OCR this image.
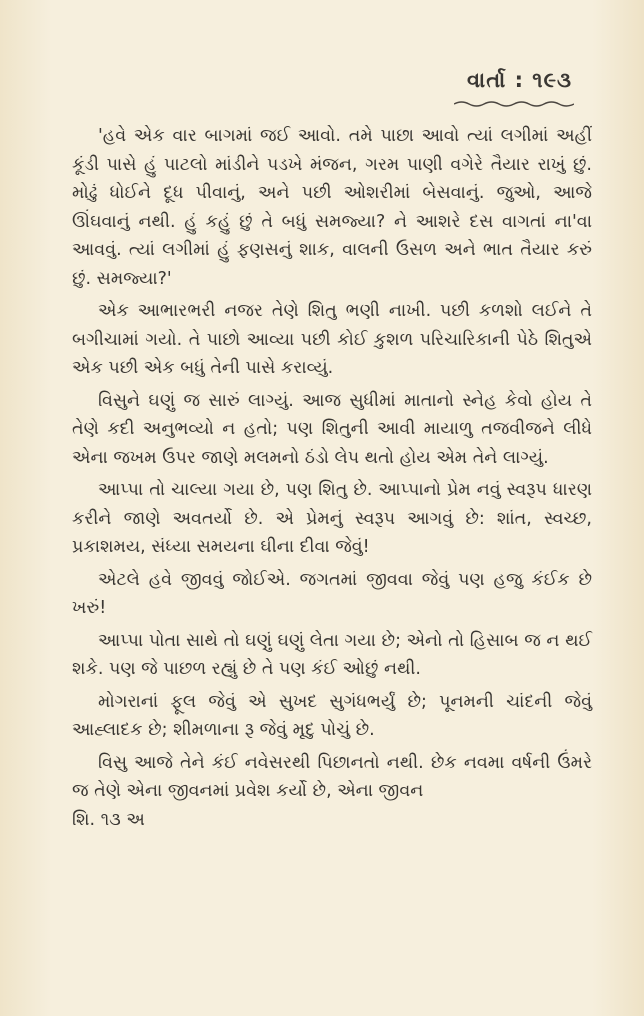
વાર્તા : ૧૯૩

'હવે એક વાર બાગમાં જઈ આવો. તમે પાછા આવો ત્યાં લગીમાં અહીં કૂંડી પાસે હું પાટલો માંડીને પડખે મંજન, ગરમ પાણી વગેરે તૈયાર રાખું છું. મોઢું ધોઈને દૂધ પીવાનું, અને પછી ઓશરીમાં બેસવાનું. જુઓ, આજે ઊંઘવાનું નથી. હું કહું છું તે બધું સમજ્યા? ને આશરે દસ વાગતાં ના'વા આવવું. ત્યાં લગીમાં હું ફણસનું શાક, વાલની ઉસળ અને ભાત તૈયાર કરું છું. સમજ્યા?'

એક આભારભરી નજર તેણે શિતુ ભણી નાખી. પછી કળશો લઈને તે બગીચામાં ગયો. તે પાછો આવ્યા પછી કોઈ કુશળ પરિચારિકાની પેઠે શિતુએ એક પછી એક બધું તેની પાસે કરાવ્યું.

વિસુને ઘણું જ સારું લાગ્યું. આજ સુધીમાં માતાનો સ્નેહ કેવો હોય તે તેણે કદી અનુભવ્યો ન હતો; પણ શિતુની આવી માયાળુ તજવીજને લીધે એના જખમ ઉપર જાણે મલમનો ઠંડો લેપ થતો હોય એમ તેને લાગ્યું.

આપ્પા તો ચાલ્યા ગયા છે, પણ શિતુ છે. આપ્પાનો પ્રેમ નવું સ્વરૂપ ધારણ કરીને જાણે અવતર્યો છે. એ પ્રેમનું સ્વરૂપ આગવું છે: શાંત, સ્વચ્છ, પ્રકાશમય, સંધ્યા સમયના ઘીના દીવા જેવું!

એટલે હવે જીવવું જોઈએ. જગતમાં જીવવા જેવું પણ હજુ કંઈક છે ખરું!

આપ્પા પોતા સાથે તો ઘણું ઘણું લેતા ગયા છે; એનો તો હિસાબ જ ન થઈ શકે. પણ જે પાછળ રહ્યું છે તે પણ કંઈ ઓછું નથી.

મોગરાનાં ફૂલ જેવું એ સુખદ સુગંધભર્યું છે; પૂનમની ચાંદની જેવું આહ્લાદક છે; શીમળાના રૂ જેવું મૃદુ પોચું છે.

વિસુ આજે તેને કંઈ નવેસરથી પિછાનતો નથી. છેક નવમા વર્ષની ઉંમરે જ તેણે એના જીવનમાં પ્રવેશ કર્યો છે, એના જીવન

શિ. ૧૩ અ
